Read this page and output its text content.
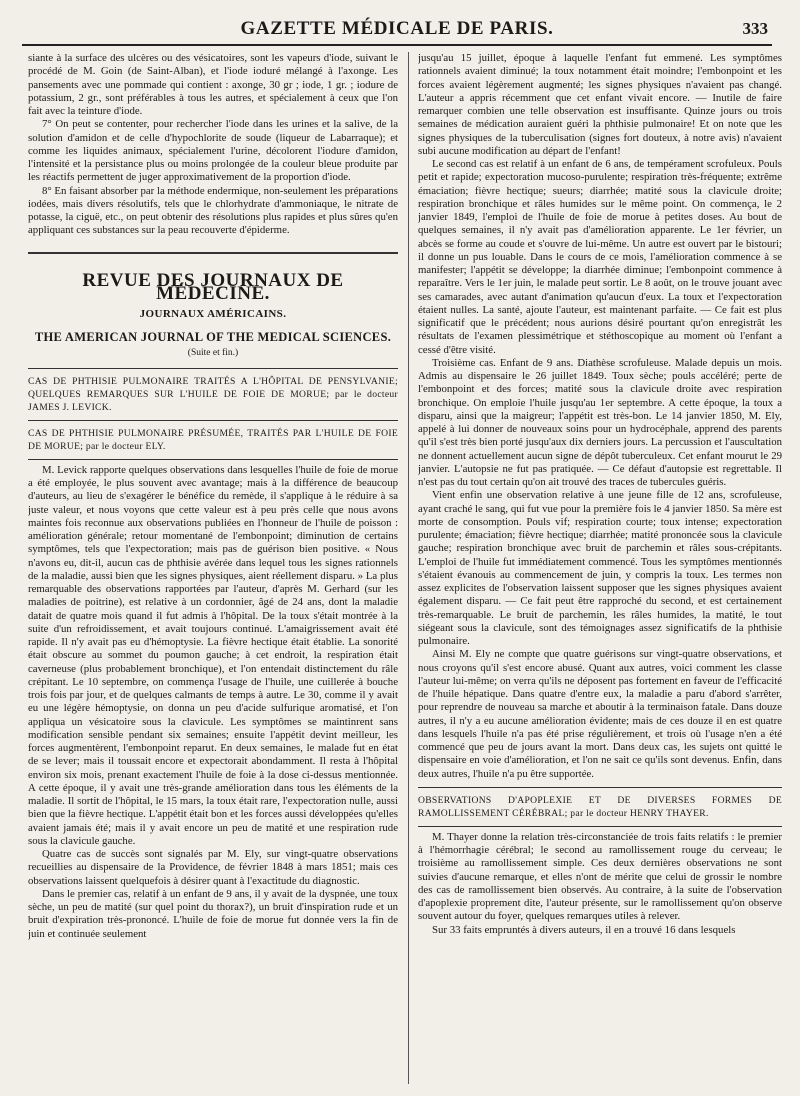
GAZETTE MÉDICALE DE PARIS.	333

siante à la surface des ulcères ou des vésicatoires, sont les vapeurs d'iode, suivant le procédé de M. Goin (de Saint-Alban), et l'iode ioduré mélangé à l'axonge. Les pansements avec une pommade qui contient : axonge, 30 gr ; iode, 1 gr. ; iodure de potassium, 2 gr., sont préférables à tous les autres, et spécialement à ceux que l'on fait avec la teinture d'iode.

7° On peut se contenter, pour rechercher l'iode dans les urines et la salive, de la solution d'amidon et de celle d'hypochlorite de soude (liqueur de Labarraque); et comme les liquides animaux, spécialement l'urine, décolorent l'iodure d'amidon, l'intensité et la persistance plus ou moins prolongée de la couleur bleue produite par les réactifs permettent de juger approximativement de la proportion d'iode.

8° En faisant absorber par la méthode endermique, non-seulement les préparations iodées, mais divers résolutifs, tels que le chlorhydrate d'ammoniaque, le nitrate de potasse, la ciguë, etc., on peut obtenir des résolutions plus rapides et plus sûres qu'en appliquant ces substances sur la peau recouverte d'épiderme.

REVUE DES JOURNAUX DE MÉDECINE.
JOURNAUX AMÉRICAINS.
THE AMERICAN JOURNAL OF THE MEDICAL SCIENCES.
(Suite et fin.)

CAS DE PHTHISIE PULMONAIRE TRAITÉS A L'HÔPITAL DE PENSYLVANIE; QUELQUES REMARQUES SUR L'HUILE DE FOIE DE MORUE; par le docteur JAMES J. LEVICK.

CAS DE PHTHISIE PULMONAIRE PRÉSUMÉE, TRAITÉS PAR L'HUILE DE FOIE DE MORUE; par le docteur ELY.

M. Levick rapporte quelques observations dans lesquelles l'huile de foie de morue a été employée, le plus souvent avec avantage; mais à la différence de beaucoup d'auteurs, au lieu de s'exagérer le bénéfice du remède, il s'applique à le réduire à sa juste valeur, et nous voyons que cette valeur est à peu près celle que nous avons maintes fois reconnue aux observations publiées en l'honneur de l'huile de poisson : amélioration générale; retour momentané de l'embonpoint; diminution de certains symptômes, tels que l'expectoration; mais pas de guérison bien positive. « Nous n'avons eu, dit-il, aucun cas de phthisie avérée dans lequel tous les signes rationnels de la maladie, aussi bien que les signes physiques, aient réellement disparu. » La plus remarquable des observations rapportées par l'auteur, d'après M. Gerhard (sur les maladies de poitrine), est relative à un cordonnier, âgé de 24 ans, dont la maladie datait de quatre mois quand il fut admis à l'hôpital. De la toux s'était montrée à la suite d'un refroidissement, et avait toujours continué. L'amaigrissement avait été rapide. Il n'y avait pas eu d'hémoptysie. La fièvre hectique était établie. La sonorité était obscure au sommet du poumon gauche; à cet endroit, la respiration était caverneuse (plus probablement bronchique), et l'on entendait distinctement du râle crépitant. Le 10 septembre, on commença l'usage de l'huile, une cuillerée à bouche trois fois par jour, et de quelques calmants de temps à autre. Le 30, comme il y avait eu une légère hémoptysie, on donna un peu d'acide sulfurique aromatisé, et l'on appliqua un vésicatoire sous la clavicule. Les symptômes se maintinrent sans modification sensible pendant six semaines; ensuite l'appétit devint meilleur, les forces augmentèrent, l'embonpoint reparut. En deux semaines, le malade fut en état de se lever; mais il toussait encore et expectorait abondamment. Il resta à l'hôpital environ six mois, prenant exactement l'huile de foie à la dose ci-dessus mentionnée. A cette époque, il y avait une très-grande amélioration dans tous les éléments de la maladie. Il sortit de l'hôpital, le 15 mars, la toux était rare, l'expectoration nulle, aussi bien que la fièvre hectique. L'appétit était bon et les forces aussi développées qu'elles avaient jamais été; mais il y avait encore un peu de matité et une respiration rude sous la clavicule gauche.

Quatre cas de succès sont signalés par M. Ely, sur vingt-quatre observations recueillies au dispensaire de la Providence, de février 1848 à mars 1851; mais ces observations laissent quelquefois à désirer quant à l'exactitude du diagnostic.

Dans le premier cas, relatif à un enfant de 9 ans, il y avait de la dyspnée, une toux sèche, un peu de matité (sur quel point du thorax?), un bruit d'inspiration rude et un bruit d'expiration très-prononcé. L'huile de foie de morue fut donnée vers la fin de juin et continuée seulement

jusqu'au 15 juillet, époque à laquelle l'enfant fut emmené. Les symptômes rationnels avaient diminué; la toux notamment était moindre; l'embonpoint et les forces avaient légèrement augmenté; les signes physiques n'avaient pas changé. L'auteur a appris récemment que cet enfant vivait encore. — Inutile de faire remarquer combien une telle observation est insuffisante. Quinze jours ou trois semaines de médication auraient guéri la phthisie pulmonaire! Et on note que les signes physiques de la tuberculisation (signes fort douteux, à notre avis) n'avaient subi aucune modification au départ de l'enfant!

Le second cas est relatif à un enfant de 6 ans, de tempérament scrofuleux. Pouls petit et rapide; expectoration mucoso-purulente; respiration très-fréquente; extrême émaciation; fièvre hectique; sueurs; diarrhée; matité sous la clavicule droite; respiration bronchique et râles humides sur le même point. On commença, le 2 janvier 1849, l'emploi de l'huile de foie de morue à petites doses. Au bout de quelques semaines, il n'y avait pas d'amélioration apparente. Le 1er février, un abcès se forme au coude et s'ouvre de lui-même. Un autre est ouvert par le bistouri; il donne un pus louable. Dans le cours de ce mois, l'amélioration commence à se manifester; l'appétit se développe; la diarrhée diminue; l'embonpoint commence à reparaître. Vers le 1er juin, le malade peut sortir. Le 8 août, on le trouve jouant avec ses camarades, avec autant d'animation qu'aucun d'eux. La toux et l'expectoration étaient nulles. La santé, ajoute l'auteur, est maintenant parfaite. — Ce fait est plus significatif que le précédent; nous aurions désiré pourtant qu'on enregistrât les résultats de l'examen plessimétrique et stéthoscopique au moment où l'enfant a cessé d'être visité.

Troisième cas. Enfant de 9 ans. Diathèse scrofuleuse. Malade depuis un mois. Admis au dispensaire le 26 juillet 1849. Toux sèche; pouls accéléré; perte de l'embonpoint et des forces; matité sous la clavicule droite avec respiration bronchique. On emploie l'huile jusqu'au 1er septembre. A cette époque, la toux a disparu, ainsi que la maigreur; l'appétit est très-bon. Le 14 janvier 1850, M. Ely, appelé à lui donner de nouveaux soins pour un hydrocéphale, apprend des parents qu'il s'est très bien porté jusqu'aux dix derniers jours. La percussion et l'auscultation ne donnent actuellement aucun signe de dépôt tuberculeux. Cet enfant mourut le 29 janvier. L'autopsie ne fut pas pratiquée. — Ce défaut d'autopsie est regrettable. Il n'est pas du tout certain qu'on ait trouvé des traces de tubercules guéris.

Vient enfin une observation relative à une jeune fille de 12 ans, scrofuleuse, ayant craché le sang, qui fut vue pour la première fois le 4 janvier 1850. Sa mère est morte de consomption. Pouls vif; respiration courte; toux intense; expectoration purulente; émaciation; fièvre hectique; diarrhée; matité prononcée sous la clavicule gauche; respiration bronchique avec bruit de parchemin et râles sous-crépitants. L'emploi de l'huile fut immédiatement commencé. Tous les symptômes mentionnés s'étaient évanouis au commencement de juin, y compris la toux. Les termes non assez explicites de l'observation laissent supposer que les signes physiques avaient également disparu. — Ce fait peut être rapproché du second, et est certainement très-remarquable. Le bruit de parchemin, les râles humides, la matité, le tout siégeant sous la clavicule, sont des témoignages assez significatifs de la phthisie pulmonaire.

Ainsi M. Ely ne compte que quatre guérisons sur vingt-quatre observations, et nous croyons qu'il s'est encore abusé. Quant aux autres, voici comment les classe l'auteur lui-même; on verra qu'ils ne déposent pas fortement en faveur de l'efficacité de l'huile hépatique. Dans quatre d'entre eux, la maladie a paru d'abord s'arrêter, pour reprendre de nouveau sa marche et aboutir à la terminaison fatale. Dans douze autres, il n'y a eu aucune amélioration évidente; mais de ces douze il en est quatre dans lesquels l'huile n'a pas été prise régulièrement, et trois où l'usage n'en a été commencé que peu de jours avant la mort. Dans deux cas, les sujets ont quitté le dispensaire en voie d'amélioration, et l'on ne sait ce qu'ils sont devenus. Enfin, dans deux autres, l'huile n'a pu être supportée.

OBSERVATIONS D'APOPLEXIE ET DE DIVERSES FORMES DE RAMOLLISSEMENT CÉRÉBRAL; par le docteur HENRY THAYER.

M. Thayer donne la relation très-circonstanciée de trois faits relatifs : le premier à l'hémorrhagie cérébral; le second au ramollissement rouge du cerveau; le troisième au ramollissement simple. Ces deux dernières observations ne sont suivies d'aucune remarque, et elles n'ont de mérite que celui de grossir le nombre des cas de ramollissement bien observés. Au contraire, à la suite de l'observation d'apoplexie proprement dite, l'auteur présente, sur le ramollissement qu'on observe souvent autour du foyer, quelques remarques utiles à relever.

Sur 33 faits empruntés à divers auteurs, il en a trouvé 16 dans lesquels
